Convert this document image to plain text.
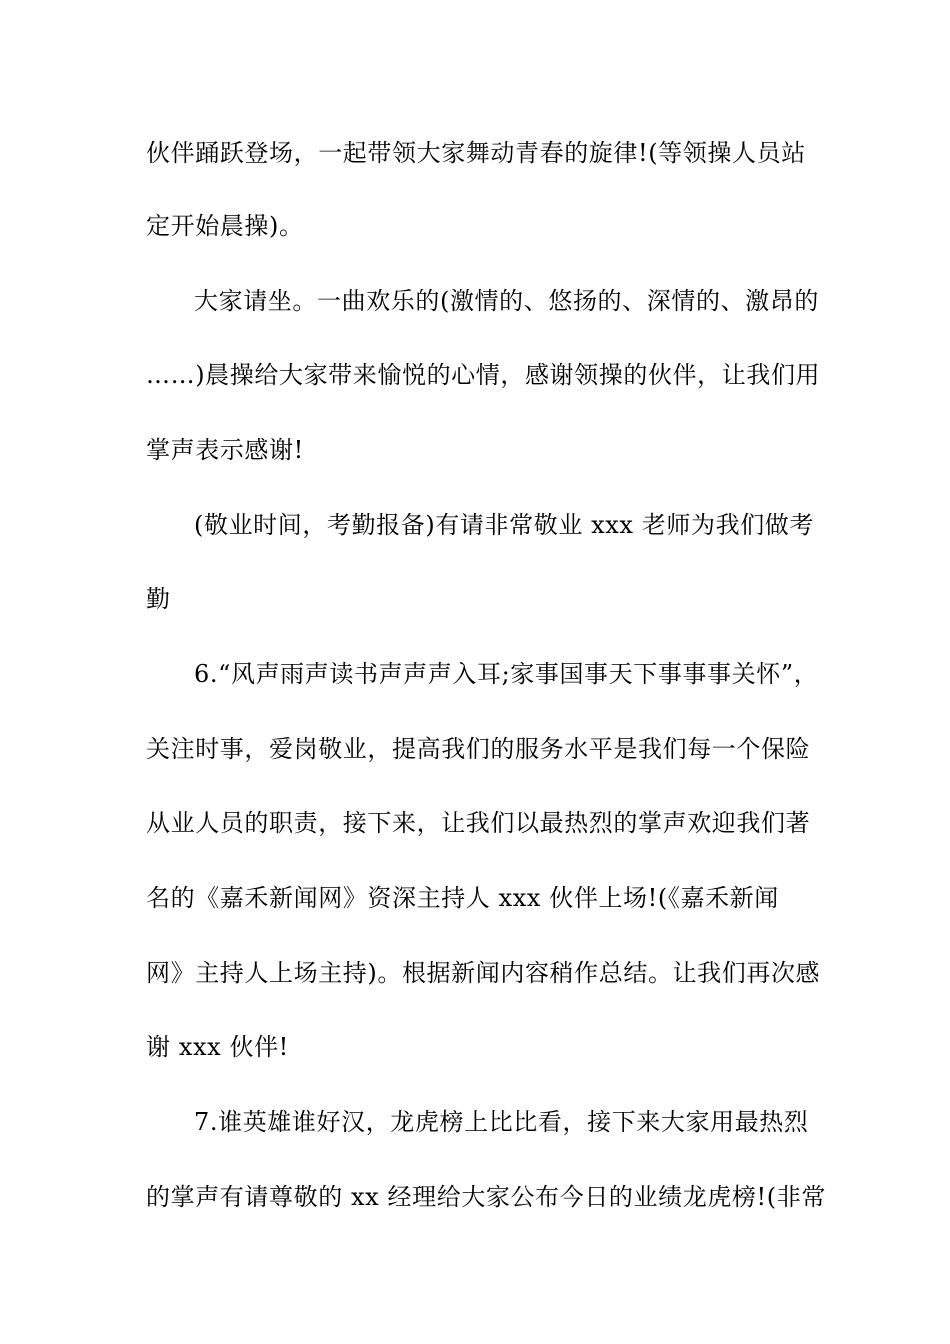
伙伴踊跃登场，一起带领大家舞动青春的旋律!(等领操人员站
定开始晨操)。
大家请坐。一曲欢乐的(激情的、悠扬的、深情的、激昂的
……)晨操给大家带来愉悦的心情，感谢领操的伙伴，让我们用
掌声表示感谢!
(敬业时间，考勤报备)有请非常敬业 xxx 老师为我们做考
勤
6.“风声雨声读书声声声入耳;家事国事天下事事事关怀”，
关注时事，爱岗敬业，提高我们的服务水平是我们每一个保险
从业人员的职责，接下来，让我们以最热烈的掌声欢迎我们著
名的《嘉禾新闻网》资深主持人 xxx 伙伴上场!(《嘉禾新闻
网》主持人上场主持)。根据新闻内容稍作总结。让我们再次感
谢 xxx 伙伴!
7.谁英雄谁好汉，龙虎榜上比比看，接下来大家用最热烈
的掌声有请尊敬的 xx 经理给大家公布今日的业绩龙虎榜!(非常
